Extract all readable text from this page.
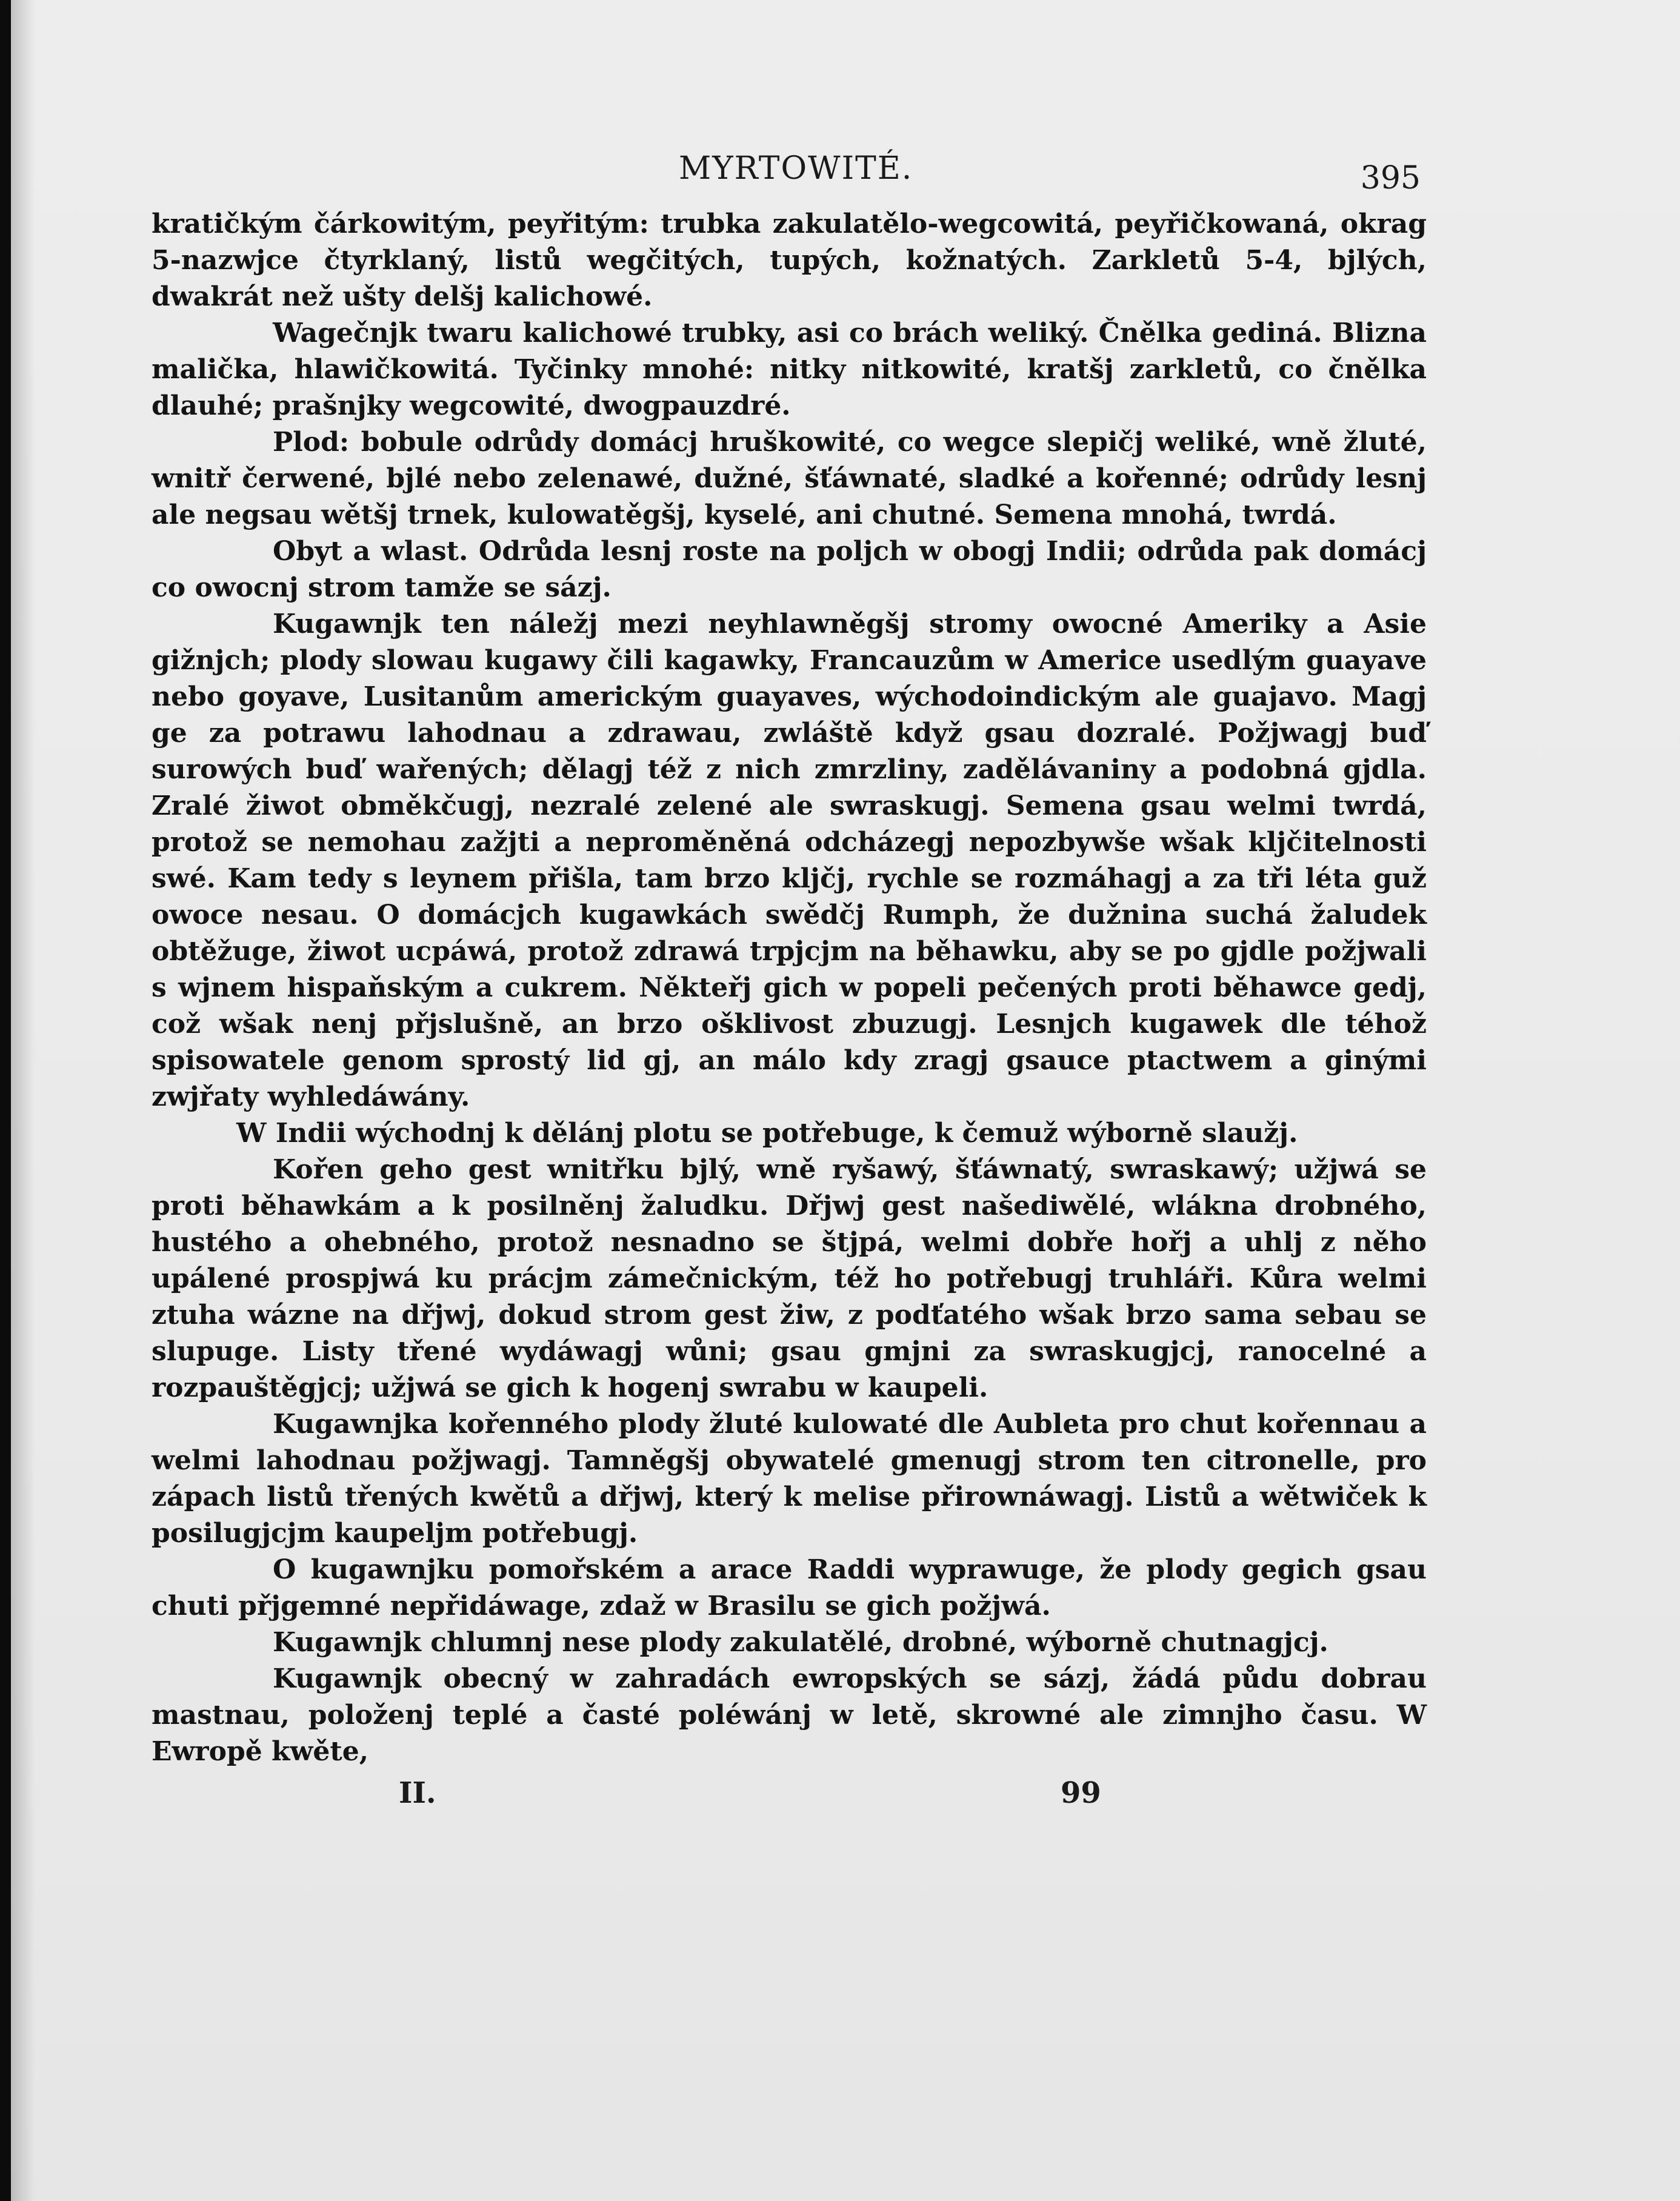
MYRTOWITÉ.	395

kratičkým čárkowitým, peyřitým: trubka zakulatělo-wegcowitá, peyřičkowaná, okrag 5-nazwjce čtyrklaný, listů wegčitých, tupých, kožnatých. Zarkletů 5-4, bjlých, dwakrát než ušty delšj kalichowé.

Wagečnjk twaru kalichowé trubky, asi co brách weliký. Čnělka gediná. Blizna malička, hlawičkowitá. Tyčinky mnohé: nitky nitkowité, kratšj zarkletů, co čnělka dlauhé; prašnjky wegcowité, dwogpauzdré.

Plod: bobule odrůdy domácj hruškowité, co wegce slepičj weliké, wně žluté, wnitř čerwené, bjlé nebo zelenawé, dužné, šťáwnaté, sladké a kořenné; odrůdy lesnj ale negsau wětšj trnek, kulowatěgšj, kyselé, ani chutné. Semena mnohá, twrdá.

Obyt a wlast. Odrůda lesnj roste na poljch w obogj Indii; odrůda pak domácj co owocnj strom tamže se sázj.

Kugawnjk ten náležj mezi neyhlawněgšj stromy owocné Ameriky a Asie gižnjch; plody slowau kugawy čili kagawky, Francauzům w Americe usedlým guayave nebo goyave, Lusitanům americkým guayaves, wýchodoindickým ale guajavo. Magj ge za potrawu lahodnau a zdrawau, zwláště když gsau dozralé. Požjwagj buď surowých buď wařených; dělagj též z nich zmrzliny, zadělávaniny a podobná gjdla. Zralé žiwot obměkčugj, nezralé zelené ale swraskugj. Semena gsau welmi twrdá, protož se nemohau zažjti a neproměněná odcházegj nepozbywše wšak kljčitelnosti swé. Kam tedy s leynem přišla, tam brzo kljčj, rychle se rozmáhagj a za tři léta guž owoce nesau. O domácjch kugawkách swědčj Rumph, že dužnina suchá žaludek obtěžuge, žiwot ucpáwá, protož zdrawá trpjcjm na běhawku, aby se po gjdle požjwali s wjnem hispaňským a cukrem. Někteřj gich w popeli pečených proti běhawce gedj, což wšak nenj přjslušně, an brzo ošklivost zbuzugj. Lesnjch kugawek dle téhož spisowatele genom sprostý lid gj, an málo kdy zragj gsauce ptactwem a ginými zwjřaty wyhledáwány.

W Indii wýchodnj k dělánj plotu se potřebuge, k čemuž wýborně slaužj.

Kořen geho gest wnitřku bjlý, wně ryšawý, šťáwnatý, swraskawý; užjwá se proti běhawkám a k posilněnj žaludku. Dřjwj gest našediwělé, wlákna drobného, hustého a ohebného, protož nesnadno se štjpá, welmi dobře hořj a uhlj z něho upálené prospjwá ku prácjm zámečnickým, též ho potřebugj truhláři. Kůra welmi ztuha wázne na dřjwj, dokud strom gest žiw, z podťatého wšak brzo sama sebau se slupuge. Listy třené wydáwagj wůni; gsau gmjni za swraskugjcj, ranocelné a rozpauštěgjcj; užjwá se gich k hogenj swrabu w kaupeli.

Kugawnjka kořenného plody žluté kulowaté dle Aubleta pro chut kořennau a welmi lahodnau požjwagj. Tamněgšj obywatelé gmenugj strom ten citronelle, pro zápach listů třených kwětů a dřjwj, který k melise přirownáwagj. Listů a wětwiček k posilugjcjm kaupeljm potřebugj.

O kugawnjku pomořském a arace Raddi wyprawuge, že plody gegich gsau chuti přjgemné nepřidáwage, zdaž w Brasilu se gich požjwá.

Kugawnjk chlumnj nese plody zakulatělé, drobné, wýborně chutnagjcj.

Kugawnjk obecný w zahradách ewropských se sázj, žádá půdu dobrau mastnau, položenj teplé a časté poléwánj w letě, skrowné ale zimnjho času. W Ewropě kwěte,

II.	99
